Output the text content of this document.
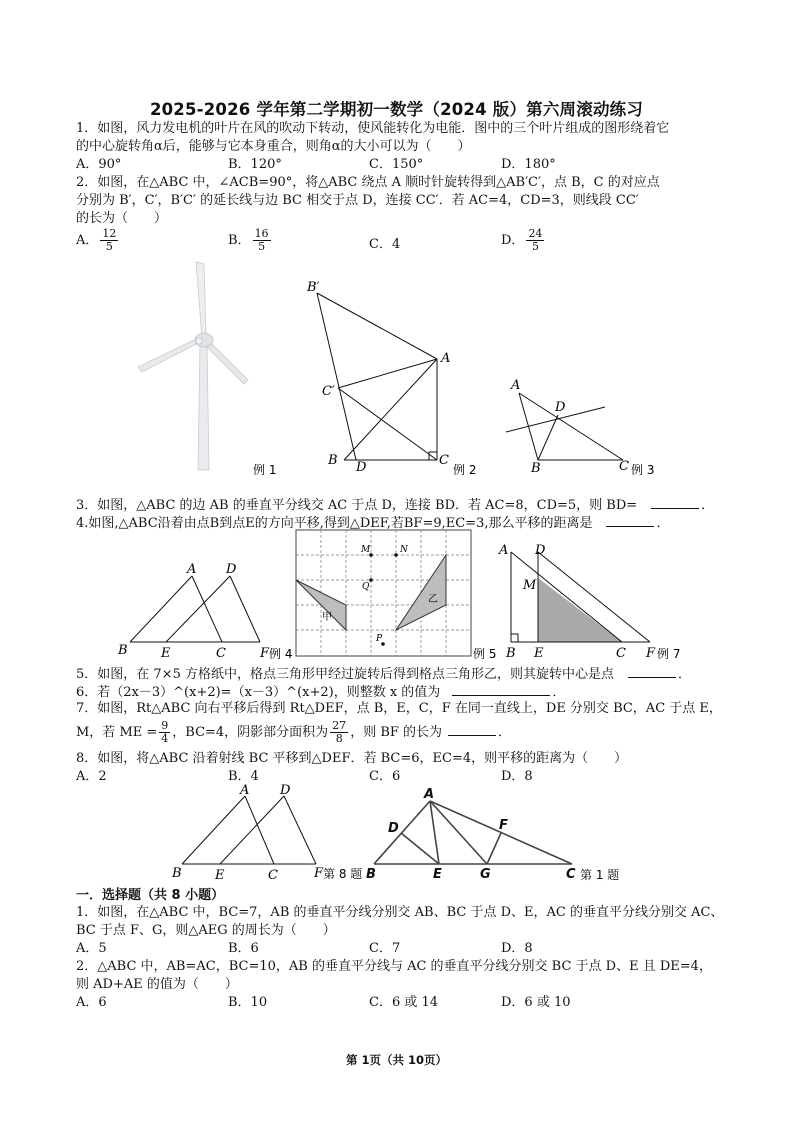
2025-2026 学年第二学期初一数学（2024 版）第六周滚动练习
1．如图，风力发电机的叶片在风的吹动下转动，使风能转化为电能．图中的三个叶片组成的图形绕着它
的中心旋转角α后，能够与它本身重合，则角α的大小可以为（　　）
A．90°	B．120°	C．150°	D．180°
2．如图，在△ABC 中，∠ACB=90°，将△ABC 绕点 A 顺时针旋转得到△AB′C′，点 B，C 的对应点
分别为 B′，C′，B′C′ 的延长线与边 BC 相交于点 D，连接 CC′．若 AC=4，CD=3，则线段 CC′
的长为（　　）
A． $\frac{12}{5}$	B． $\frac{16}{5}$	C．4	D． $\frac{24}{5}$
例 1
B′
A
C′
B D	C
例 2
A
D
B	C 例 3
3．如图，△ABC 的边 AB 的垂直平分线交 AC 于点 D，连接 BD．若 AC=8，CD=5，则 BD=	．
4.如图,△ABC沿着由点B到点E的方向平移,得到△DEF,若BF=9,EC=3,那么平移的距离是	．
A D
B	E	C	F 例 4
M	N
Q
P
甲
乙
例 5
A D
M
B E	C F 例 7
5．如图，在 7×5 方格纸中，格点三角形甲经过旋转后得到格点三角形乙，则其旋转中心是点	．
6．若（2x－3）^(x+2)=（x－3）^(x+2)，则整数 x 的值为	．
7．如图，Rt△ABC 向右平移后得到 Rt△DEF，点 B，E，C，F 在同一直线上，DE 分别交 BC，AC 于点 E，
M，若 ME = $\frac{9}{4}$ ，BC=4，阴影部分面积为 $\frac{27}{8}$ ，则 BF 的长为	．
8．如图，将△ABC 沿着射线 BC 平移到△DEF．若 BC=6，EC=4，则平移的距离为（　　）
A．2	B．4	C．6	D．8
A D
B	E	C	F 第 8 题
A
D	F
B	E	G	C 第 1 题
一．选择题（共 8 小题）
1．如图，在△ABC 中，BC=7，AB 的垂直平分线分别交 AB、BC 于点 D、E，AC 的垂直平分线分别交 AC、
BC 于点 F、G，则△AEG 的周长为（　　）
A．5	B．6	C．7	D．8
2．△ABC 中，AB=AC，BC=10，AB 的垂直平分线与 AC 的垂直平分线分别交 BC 于点 D、E 且 DE=4，
则 AD+AE 的值为（　　）
A．6	B．10	C．6 或 14	D．6 或 10
第 1页（共 10页）
